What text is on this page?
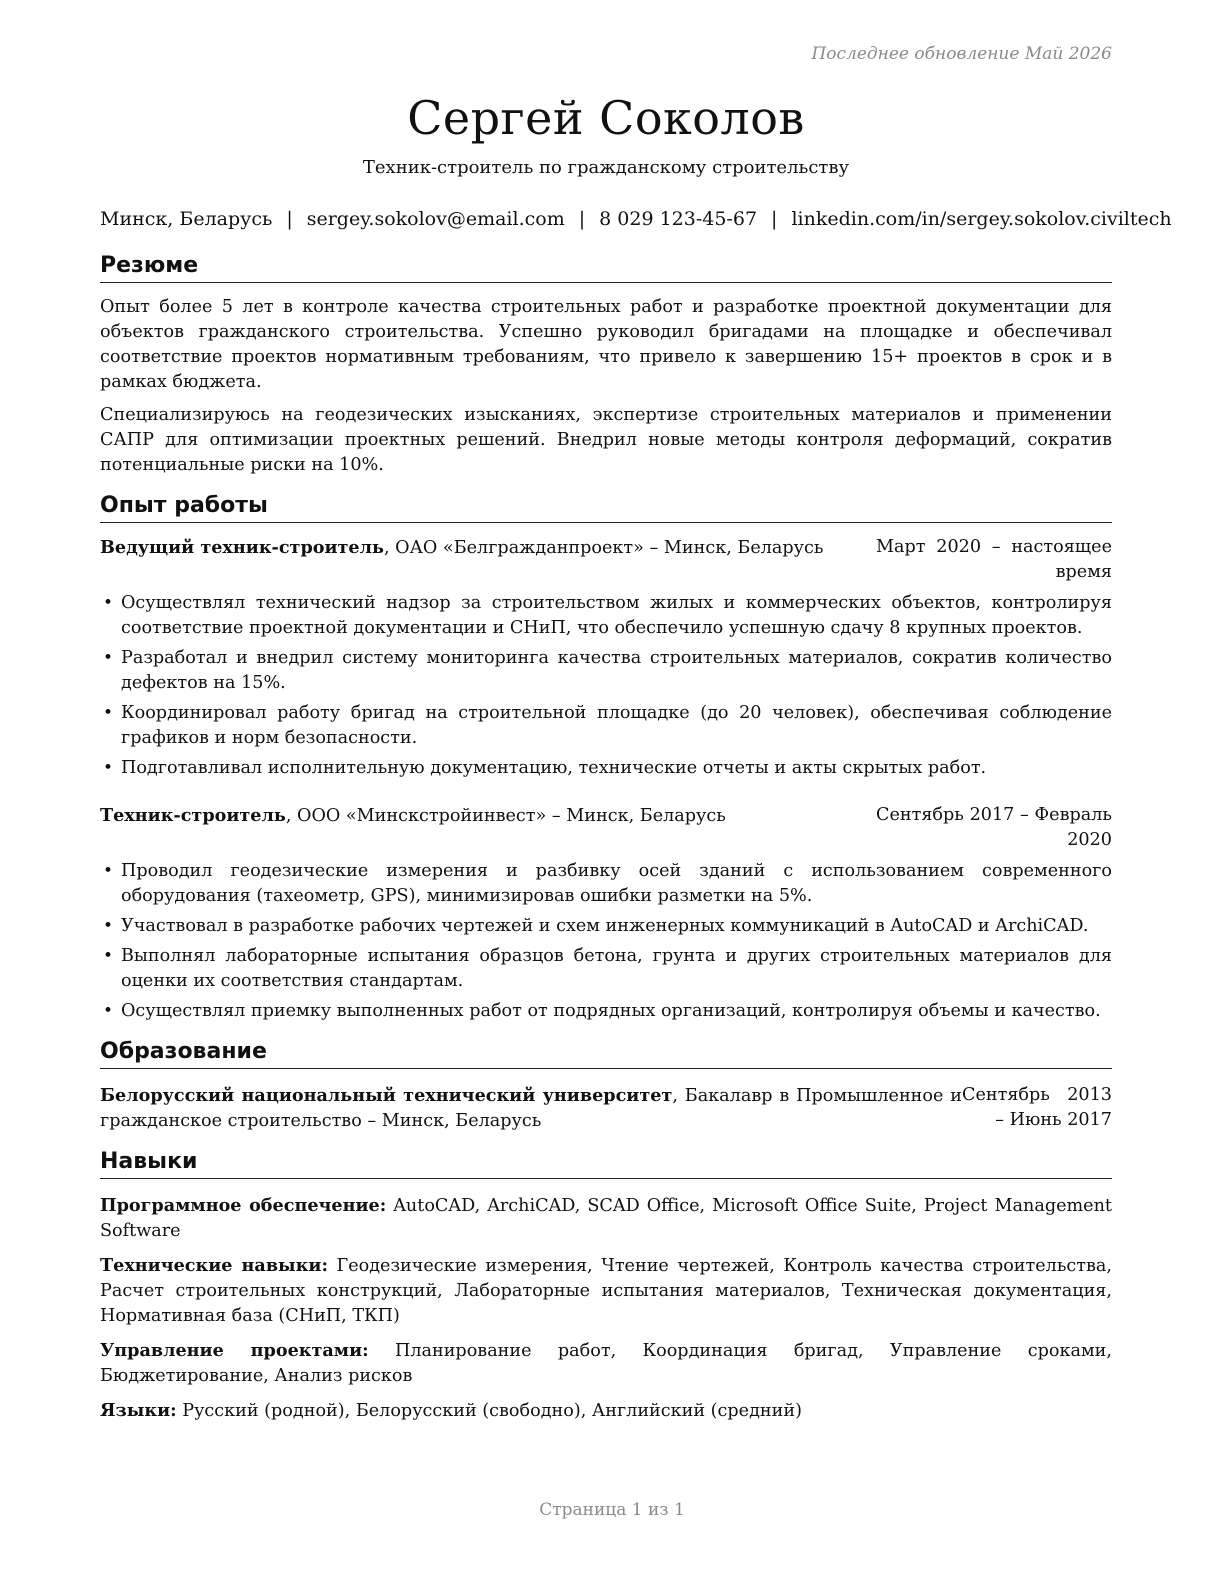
Последнее обновление Май 2026
Сергей Соколов
Техник-строитель по гражданскому строительству
Минск, Беларусь | sergey.sokolov@email.com | 8 029 123-45-67 | linkedin.com/in/sergey.sokolov.civiltech
Резюме

Опыт более 5 лет в контроле качества строительных работ и разработке проектной документации для объектов гражданского строительства. Успешно руководил бригадами на площадке и обеспечивал соответствие проектов нормативным требованиям, что привело к завершению 15+ проектов в срок и в рамках бюджета.

Специализируюсь на геодезических изысканиях, экспертизе строительных материалов и применении САПР для оптимизации проектных решений. Внедрил новые методы контроля деформаций, сократив потенциальные риски на 10%.

Опыт работы
Ведущий техник-строитель, ОАО «Белгражданпроект» – Минск, Беларусь	Март 2020 – настоящее время
• Осуществлял технический надзор за строительством жилых и коммерческих объектов, контролируя соответствие проектной документации и СНиП, что обеспечило успешную сдачу 8 крупных проектов.
• Разработал и внедрил систему мониторинга качества строительных материалов, сократив количество дефектов на 15%.
• Координировал работу бригад на строительной площадке (до 20 человек), обеспечивая соблюдение графиков и норм безопасности.
• Подготавливал исполнительную документацию, технические отчеты и акты скрытых работ.
Техник-строитель, ООО «Минскстройинвест» – Минск, Беларусь	Сентябрь 2017 – Февраль 2020
• Проводил геодезические измерения и разбивку осей зданий с использованием современного оборудования (тахеометр, GPS), минимизировав ошибки разметки на 5%.
• Участвовал в разработке рабочих чертежей и схем инженерных коммуникаций в AutoCAD и ArchiCAD.
• Выполнял лабораторные испытания образцов бетона, грунта и других строительных материалов для оценки их соответствия стандартам.
• Осуществлял приемку выполненных работ от подрядных организаций, контролируя объемы и качество.
Образование
Белорусский национальный технический университет, Бакалавр в Промышленное и гражданское строительство – Минск, Беларусь
Сентябрь 2013 – Июнь 2017
Навыки
Программное обеспечение: AutoCAD, ArchiCAD, SCAD Office, Microsoft Office Suite, Project Management Software
Технические навыки: Геодезические измерения, Чтение чертежей, Контроль качества строительства, Расчет строительных конструкций, Лабораторные испытания материалов, Техническая документация, Нормативная база (СНиП, ТКП)
Управление проектами: Планирование работ, Координация бригад, Управление сроками, Бюджетирование, Анализ рисков
Языки: Русский (родной), Белорусский (свободно), Английский (средний)
Страница 1 из 1
